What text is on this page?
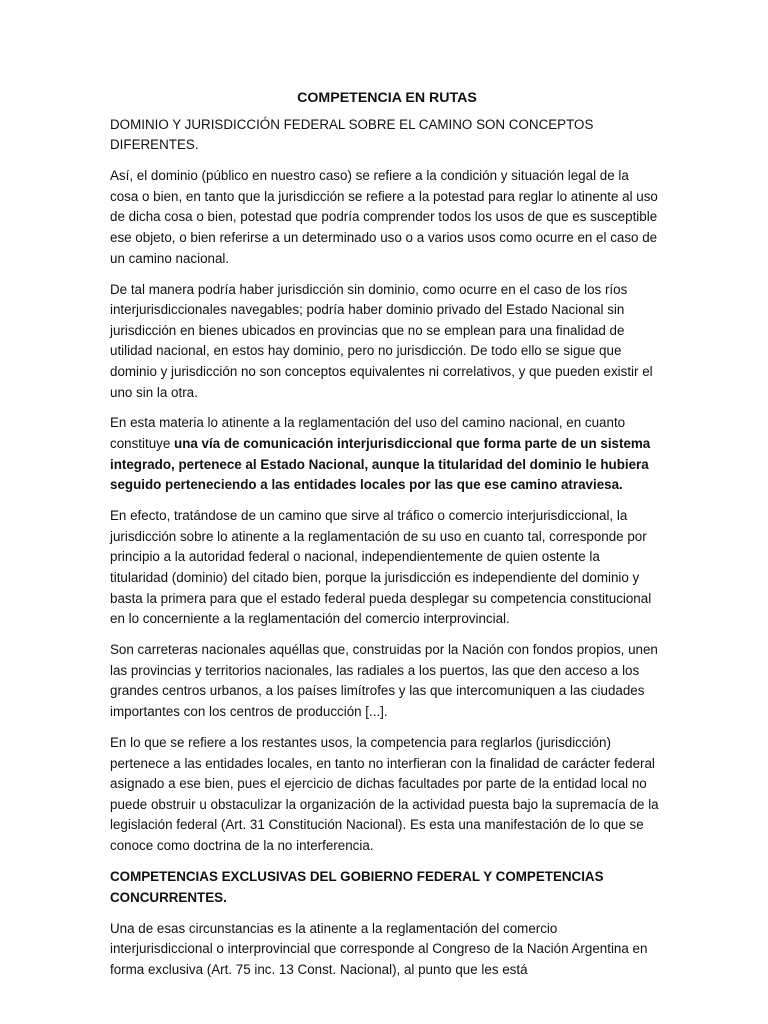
COMPETENCIA EN RUTAS
DOMINIO Y JURISDICCIÓN FEDERAL SOBRE EL CAMINO SON CONCEPTOS DIFERENTES.
Así, el dominio (público en nuestro caso) se refiere a la condición y situación legal de la cosa o bien, en tanto que la jurisdicción se refiere a la potestad para reglar lo atinente al uso de dicha cosa o bien, potestad que podría comprender todos los usos de que es susceptible ese objeto, o bien referirse a un determinado uso o a varios usos como ocurre en el caso de un camino nacional.
De tal manera podría haber jurisdicción sin dominio, como ocurre en el caso de los ríos interjurisdiccionales navegables; podría haber dominio privado del Estado Nacional sin jurisdicción en bienes ubicados en provincias que no se emplean para una finalidad de utilidad nacional, en estos hay dominio, pero no jurisdicción. De todo ello se sigue que dominio y jurisdicción no son conceptos equivalentes ni correlativos, y que pueden existir el uno sin la otra.
En esta materia lo atinente a la reglamentación del uso del camino nacional, en cuanto constituye una vía de comunicación interjurisdiccional que forma parte de un sistema integrado, pertenece al Estado Nacional, aunque la titularidad del dominio le hubiera seguido perteneciendo a las entidades locales por las que ese camino atraviesa.
En efecto, tratándose de un camino que sirve al tráfico o comercio interjurisdiccional, la jurisdicción sobre lo atinente a la reglamentación de su uso en cuanto tal, corresponde por principio a la autoridad federal o nacional, independientemente de quien ostente la titularidad (dominio) del citado bien, porque la jurisdicción es independiente del dominio y basta la primera para que el estado federal pueda desplegar su competencia constitucional en lo concerniente a la reglamentación del comercio interprovincial.
Son carreteras nacionales aquéllas que, construidas por la Nación con fondos propios, unen las provincias y territorios nacionales, las radiales a los puertos, las que den acceso a los grandes centros urbanos, a los países limítrofes y las que intercomuniquen a las ciudades importantes con los centros de producción [...].
En lo que se refiere a los restantes usos, la competencia para reglarlos (jurisdicción) pertenece a las entidades locales, en tanto no interfieran con la finalidad de carácter federal asignado a ese bien, pues el ejercicio de dichas facultades por parte de la entidad local no puede obstruir u obstaculizar la organización de la actividad puesta bajo la supremacía de la legislación federal (Art. 31 Constitución Nacional). Es esta una manifestación de lo que se conoce como doctrina de la no interferencia.
COMPETENCIAS EXCLUSIVAS DEL GOBIERNO FEDERAL Y COMPETENCIAS CONCURRENTES.
Una de esas circunstancias es la atinente a la reglamentación del comercio interjurisdiccional o interprovincial que corresponde al Congreso de la Nación Argentina en forma exclusiva (Art. 75 inc. 13 Const. Nacional), al punto que les está
